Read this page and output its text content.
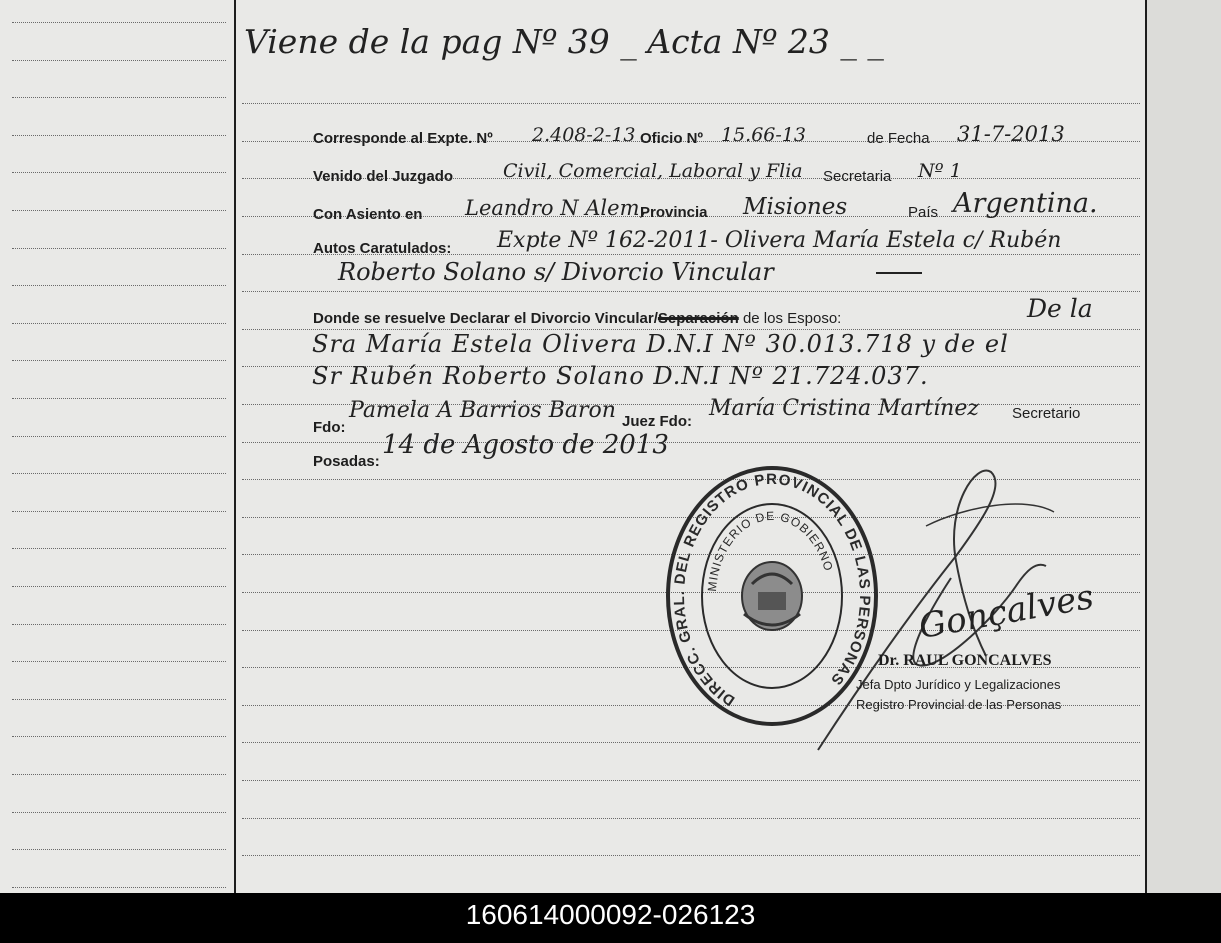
Viene de la pag Nº 39 _ Acta Nº 23 _ _
Corresponde al Expte. Nº 2.408-2-13 Oficio Nº 15.66-13	de Fecha 31-7-2013
Venido del Juzgado	Civil, Comercial, Laboral y Flia Secretaria Nº 1
Con Asiento en Leandro N Alem,
Provincia Misiones	País Argentina.
Autos Caratulados: Expte Nº 162-2011- Olivera María Estela c/ Rubén
Roberto Solano s/ Divorcio Vincular
Donde se resuelve Declarar el Divorcio Vincular/Separación de los Esposo:	De la
Sra María Estela Olivera D.N.I Nº 30.013.718 y de el
Sr Rubén Roberto Solano D.N.I Nº 21.724.037.
Fdo:
Pamela A Barrios Baron Juez Fdo:
María Cristina Martínez Secretario
Posadas:
14 de Agosto de 2013
DIRECC. GRAL. DEL REGISTRO PROVINCIAL DE LAS PERSONAS
MINISTERIO DE GOBIERNO
Gonçalves
Dr. RAUL GONCALVES
Jefa Dpto Jurídico y Legalizaciones
Registro Provincial de las Personas
160614000092-026123
